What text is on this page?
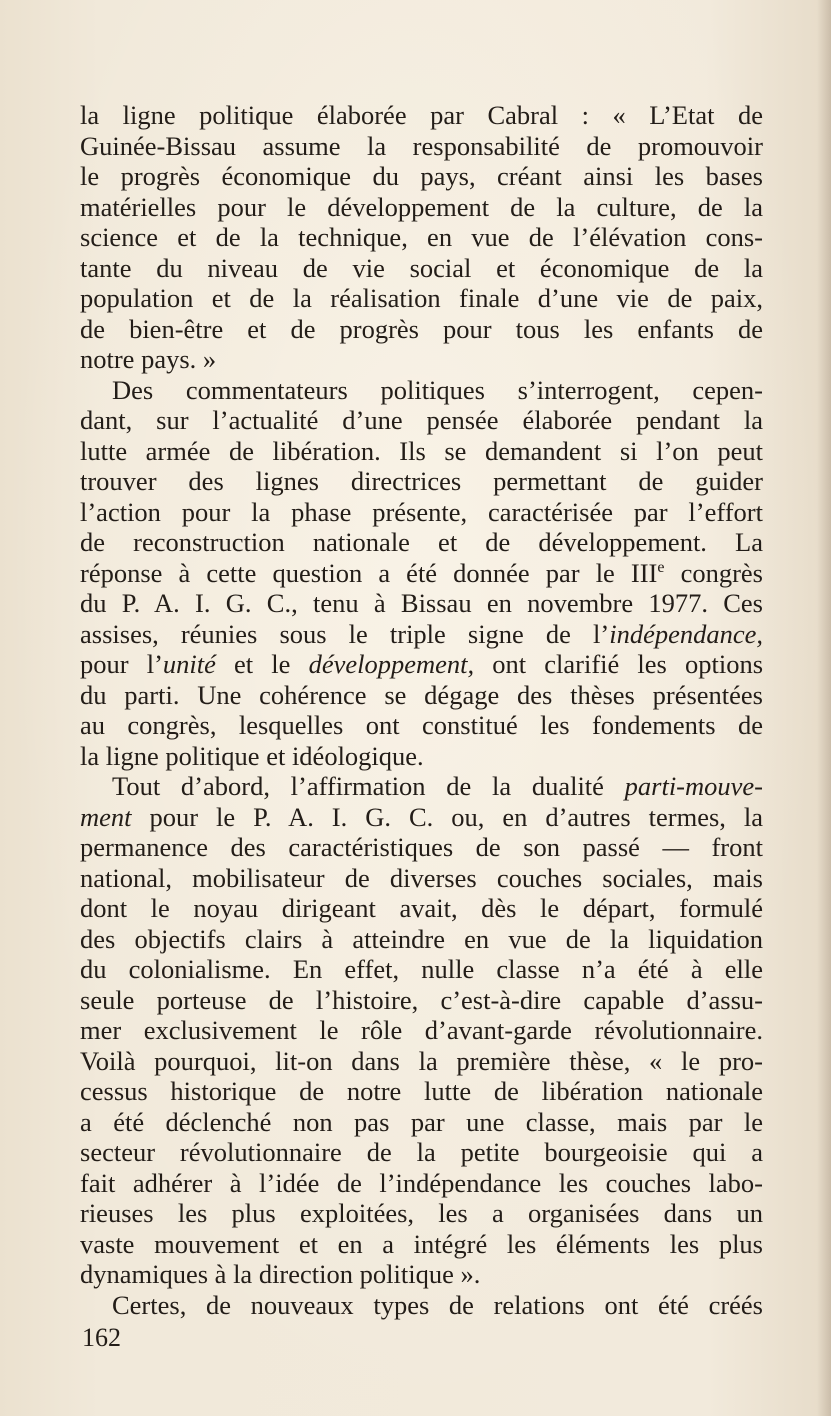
la ligne politique élaborée par Cabral : « L’Etat de
Guinée-Bissau assume la responsabilité de promouvoir
le progrès économique du pays, créant ainsi les bases
matérielles pour le développement de la culture, de la
science et de la technique, en vue de l’élévation cons-
tante du niveau de vie social et économique de la
population et de la réalisation finale d’une vie de paix,
de bien-être et de progrès pour tous les enfants de
notre pays. »
Des commentateurs politiques s’interrogent, cepen-
dant, sur l’actualité d’une pensée élaborée pendant la
lutte armée de libération. Ils se demandent si l’on peut
trouver des lignes directrices permettant de guider
l’action pour la phase présente, caractérisée par l’effort
de reconstruction nationale et de développement. La
réponse à cette question a été donnée par le IIIe congrès
du P. A. I. G. C., tenu à Bissau en novembre 1977. Ces
assises, réunies sous le triple signe de l’indépendance,
pour l’unité et le développement, ont clarifié les options
du parti. Une cohérence se dégage des thèses présentées
au congrès, lesquelles ont constitué les fondements de
la ligne politique et idéologique.
Tout d’abord, l’affirmation de la dualité parti-mouve-
ment pour le P. A. I. G. C. ou, en d’autres termes, la
permanence des caractéristiques de son passé — front
national, mobilisateur de diverses couches sociales, mais
dont le noyau dirigeant avait, dès le départ, formulé
des objectifs clairs à atteindre en vue de la liquidation
du colonialisme. En effet, nulle classe n’a été à elle
seule porteuse de l’histoire, c’est-à-dire capable d’assu-
mer exclusivement le rôle d’avant-garde révolutionnaire.
Voilà pourquoi, lit-on dans la première thèse, « le pro-
cessus historique de notre lutte de libération nationale
a été déclenché non pas par une classe, mais par le
secteur révolutionnaire de la petite bourgeoisie qui a
fait adhérer à l’idée de l’indépendance les couches labo-
rieuses les plus exploitées, les a organisées dans un
vaste mouvement et en a intégré les éléments les plus
dynamiques à la direction politique ».
Certes, de nouveaux types de relations ont été créés
162
